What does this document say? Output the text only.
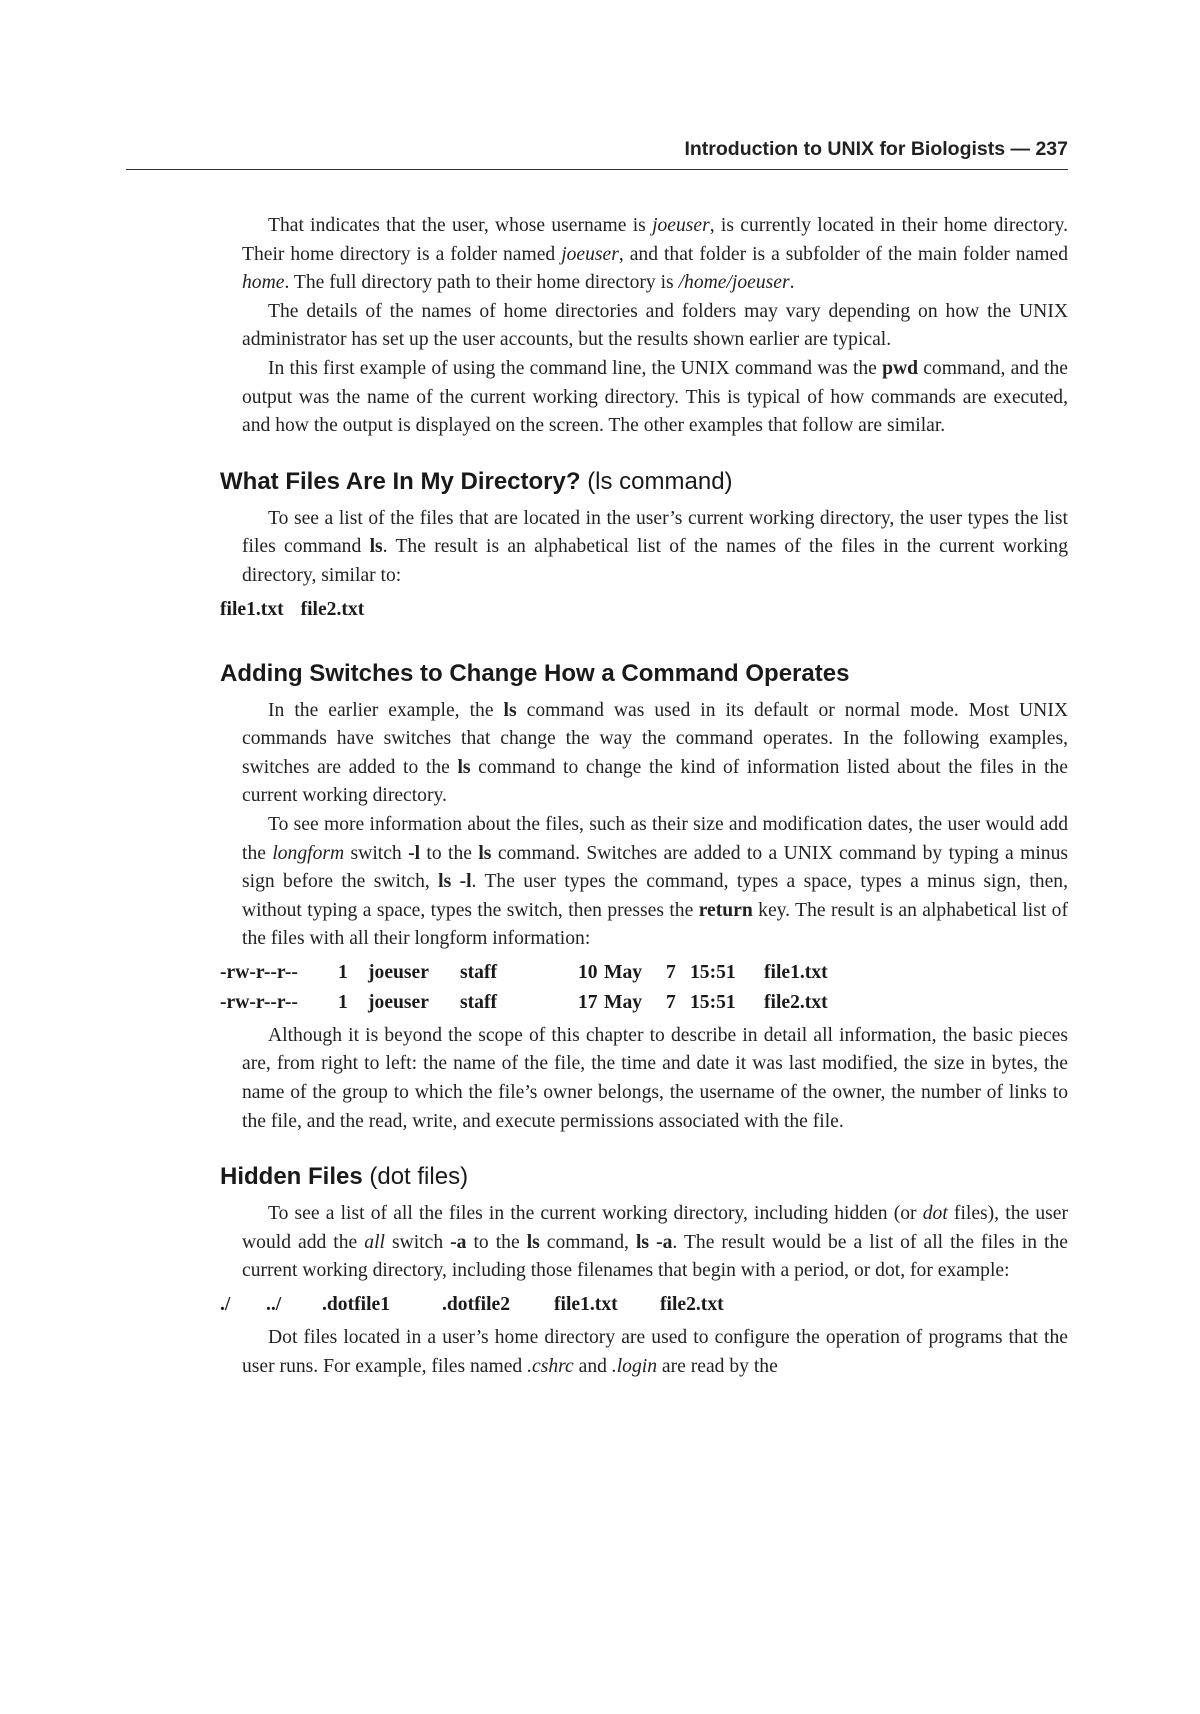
Introduction to UNIX for Biologists — 237

That indicates that the user, whose username is joeuser, is currently located in their home directory. Their home directory is a folder named joeuser, and that folder is a subfolder of the main folder named home. The full directory path to their home directory is /home/joeuser.

The details of the names of home directories and folders may vary depending on how the UNIX administrator has set up the user accounts, but the results shown earlier are typical.

In this first example of using the command line, the UNIX command was the pwd command, and the output was the name of the current working directory. This is typical of how commands are executed, and how the output is displayed on the screen. The other examples that follow are similar.

What Files Are In My Directory? (ls command)

To see a list of the files that are located in the user’s current working directory, the user types the list files command ls. The result is an alphabetical list of the names of the files in the current working directory, similar to:

file1.txt file2.txt
Adding Switches to Change How a Command Operates

In the earlier example, the ls command was used in its default or normal mode. Most UNIX commands have switches that change the way the command operates. In the following examples, switches are added to the ls command to change the kind of information listed about the files in the current working directory.

To see more information about the files, such as their size and modification dates, the user would add the longform switch -l to the ls command. Switches are added to a UNIX command by typing a minus sign before the switch, ls -l. The user types the command, types a space, types a minus sign, then, without typing a space, types the switch, then presses the return key. The result is an alphabetical list of the files with all their longform information:

-rw-r--r-- 1 joeuser staff	10 May 7 15:51 file1.txt
-rw-r--r-- 1 joeuser staff	17 May 7 15:51 file2.txt

Although it is beyond the scope of this chapter to describe in detail all information, the basic pieces are, from right to left: the name of the file, the time and date it was last modified, the size in bytes, the name of the group to which the file’s owner belongs, the username of the owner, the number of links to the file, and the read, write, and execute permissions associated with the file.

Hidden Files (dot files)

To see a list of all the files in the current working directory, including hidden (or dot files), the user would add the all switch -a to the ls command, ls -a. The result would be a list of all the files in the current working directory, including those filenames that begin with a period, or dot, for example:

./ ../ .dotfile1	.dotfile2 file1.txt file2.txt

Dot files located in a user’s home directory are used to configure the operation of programs that the user runs. For example, files named .cshrc and .login are read by the
